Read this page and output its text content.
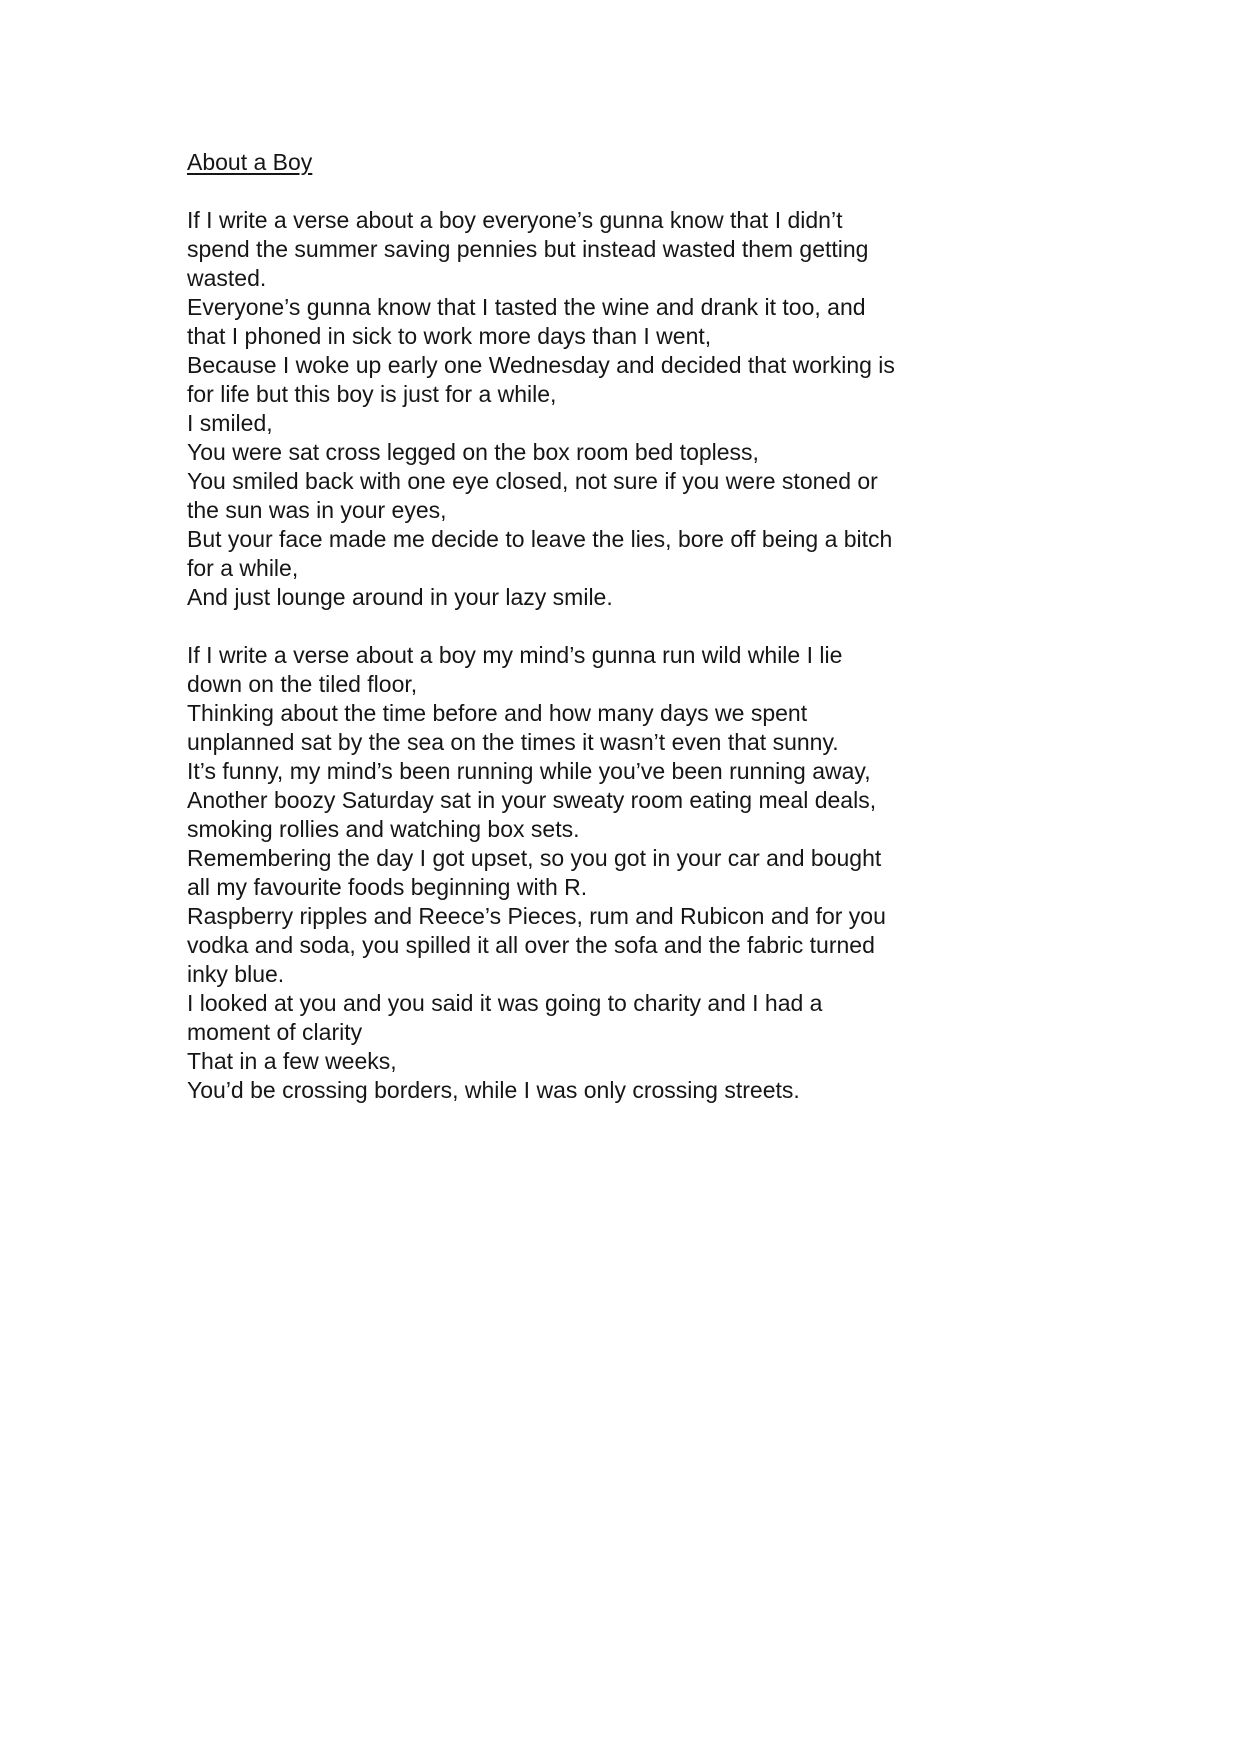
About a Boy
If I write a verse about a boy everyone’s gunna know that I didn’t
spend the summer saving pennies but instead wasted them getting
wasted.
Everyone’s gunna know that I tasted the wine and drank it too, and
that I phoned in sick to work more days than I went,
Because I woke up early one Wednesday and decided that working is
for life but this boy is just for a while,
I smiled,
You were sat cross legged on the box room bed topless,
You smiled back with one eye closed, not sure if you were stoned or
the sun was in your eyes,
But your face made me decide to leave the lies, bore off being a bitch
for a while,
And just lounge around in your lazy smile.
If I write a verse about a boy my mind’s gunna run wild while I lie
down on the tiled floor,
Thinking about the time before and how many days we spent
unplanned sat by the sea on the times it wasn’t even that sunny.
It’s funny, my mind’s been running while you’ve been running away,
Another boozy Saturday sat in your sweaty room eating meal deals,
smoking rollies and watching box sets.
Remembering the day I got upset, so you got in your car and bought
all my favourite foods beginning with R.
Raspberry ripples and Reece’s Pieces, rum and Rubicon and for you
vodka and soda, you spilled it all over the sofa and the fabric turned
inky blue.
I looked at you and you said it was going to charity and I had a
moment of clarity
That in a few weeks,
You’d be crossing borders, while I was only crossing streets.
